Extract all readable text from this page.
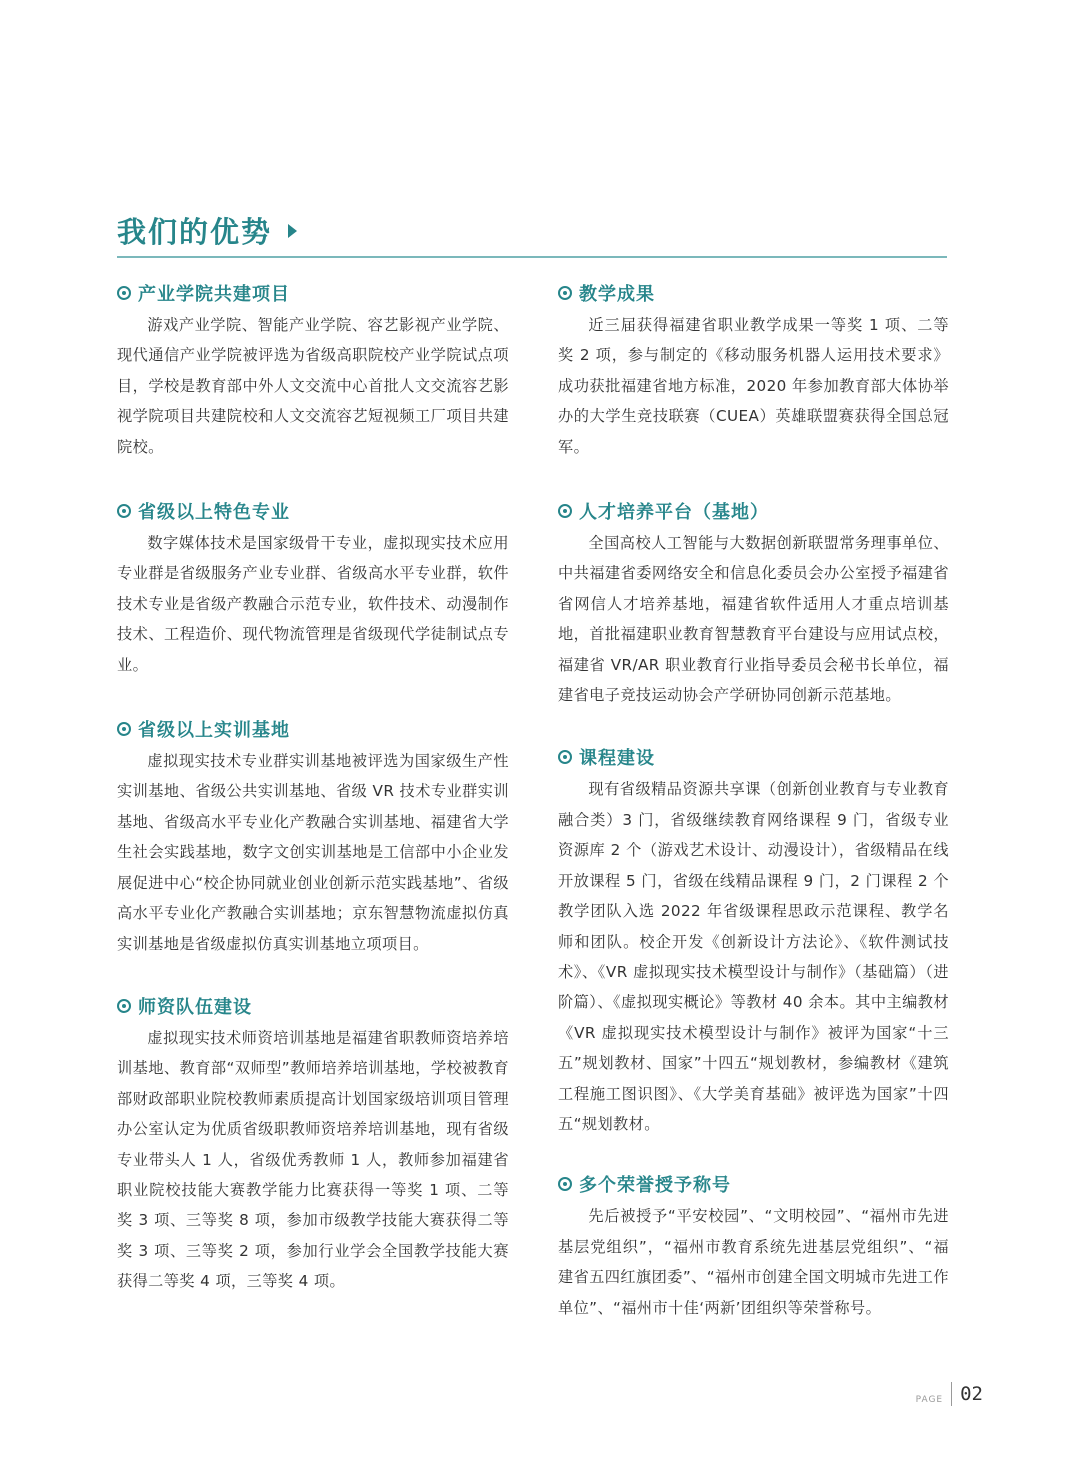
我们的优势
产业学院共建项目

游戏产业学院、智能产业学院、容艺影视产业学院、现代通信产业学院被评选为省级高职院校产业学院试点项目，学校是教育部中外人文交流中心首批人文交流容艺影视学院项目共建院校和人文交流容艺短视频工厂项目共建院校。

省级以上特色专业

数字媒体技术是国家级骨干专业，虚拟现实技术应用专业群是省级服务产业专业群、省级高水平专业群，软件技术专业是省级产教融合示范专业，软件技术、动漫制作技术、工程造价、现代物流管理是省级现代学徒制试点专业。

省级以上实训基地

虚拟现实技术专业群实训基地被评选为国家级生产性实训基地、省级公共实训基地、省级 VR 技术专业群实训基地、省级高水平专业化产教融合实训基地、福建省大学生社会实践基地，数字文创实训基地是工信部中小企业发展促进中心“校企协同就业创业创新示范实践基地”、省级高水平专业化产教融合实训基地；京东智慧物流虚拟仿真实训基地是省级虚拟仿真实训基地立项项目。

师资队伍建设

虚拟现实技术师资培训基地是福建省职教师资培养培训基地、教育部“双师型”教师培养培训基地，学校被教育部财政部职业院校教师素质提高计划国家级培训项目管理办公室认定为优质省级职教师资培养培训基地，现有省级专业带头人 1 人，省级优秀教师 1 人，教师参加福建省职业院校技能大赛教学能力比赛获得一等奖 1 项、二等奖 3 项、三等奖 8 项，参加市级教学技能大赛获得二等奖 3 项、三等奖 2 项，参加行业学会全国教学技能大赛获得二等奖 4 项，三等奖 4 项。

教学成果

近三届获得福建省职业教学成果一等奖 1 项、二等奖 2 项，参与制定的《移动服务机器人运用技术要求》成功获批福建省地方标准，2020 年参加教育部大体协举办的大学生竞技联赛（CUEA）英雄联盟赛获得全国总冠军。

人才培养平台（基地）

全国高校人工智能与大数据创新联盟常务理事单位、中共福建省委网络安全和信息化委员会办公室授予福建省省网信人才培养基地，福建省软件适用人才重点培训基地，首批福建职业教育智慧教育平台建设与应用试点校，福建省 VR/AR 职业教育行业指导委员会秘书长单位，福建省电子竞技运动协会产学研协同创新示范基地。

课程建设

现有省级精品资源共享课（创新创业教育与专业教育融合类）3 门，省级继续教育网络课程 9 门，省级专业资源库 2 个（游戏艺术设计、动漫设计），省级精品在线开放课程 5 门，省级在线精品课程 9 门，2 门课程 2 个教学团队入选 2022 年省级课程思政示范课程、教学名师和团队。校企开发《创新设计方法论》、《软件测试技术》、《VR 虚拟现实技术模型设计与制作》（基础篇）（进阶篇）、《虚拟现实概论》等教材 40 余本。其中主编教材《VR 虚拟现实技术模型设计与制作》被评为国家“十三五”规划教材、国家”十四五“规划教材，参编教材《建筑工程施工图识图》、《大学美育基础》被评选为国家”十四五“规划教材。

多个荣誉授予称号

先后被授予“平安校园”、“文明校园”、“福州市先进基层党组织”，“福州市教育系统先进基层党组织”、“福建省五四红旗团委”、“福州市创建全国文明城市先进工作单位”、“福州市十佳‘两新’团组织等荣誉称号。

PAGE 02
